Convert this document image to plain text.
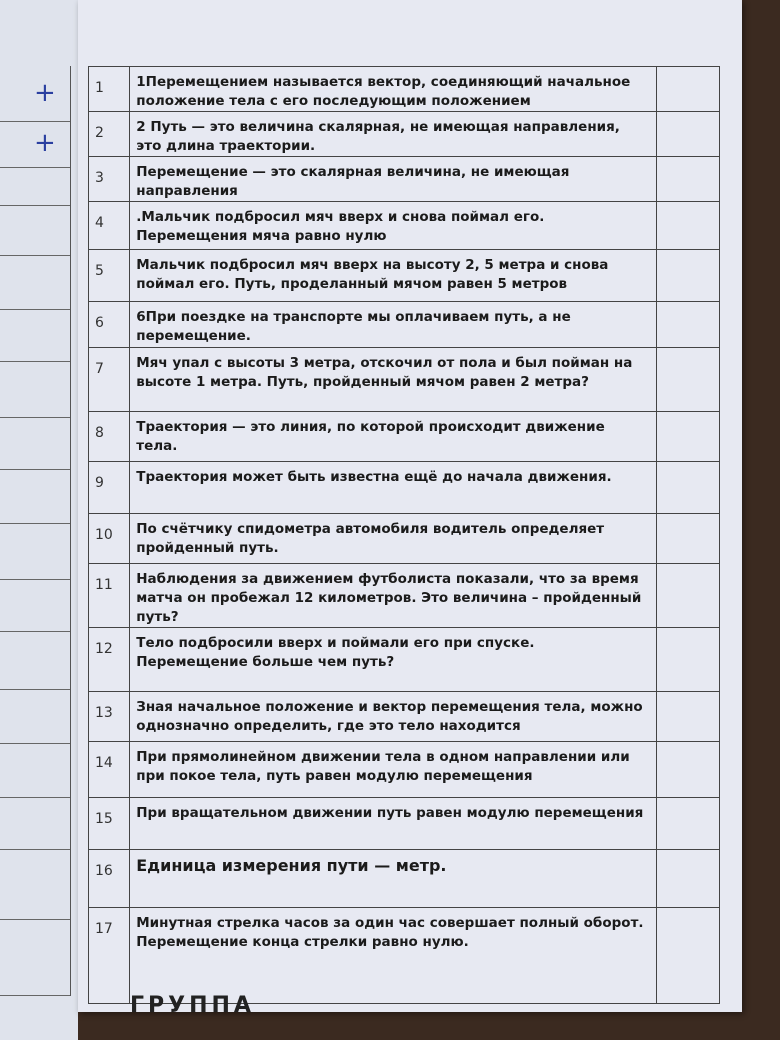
+
+
1	1Перемещением называется вектор, соединяющий начальное положение тела с его последующим положением	
2	2 Путь — это величина скалярная, не имеющая направления, это длина траектории.	
3	Перемещение — это скалярная величина, не имеющая направления	
4	.Мальчик подбросил мяч вверх и снова поймал его. Перемещения мяча равно нулю	
5	Мальчик подбросил мяч вверх на высоту 2, 5 метра и снова поймал его. Путь, проделанный мячом равен 5 метров	
6	6При поездке на транспорте мы оплачиваем путь, а не перемещение.	
7	Мяч упал с высоты 3 метра, отскочил от пола и был пойман на высоте 1 метра. Путь, пройденный мячом равен 2 метра?	
8	Траектория — это линия, по которой происходит движение тела.	
9	Траектория может быть известна ещё до начала движения.	
10	По счётчику спидометра автомобиля водитель определяет пройденный путь.	
11	Наблюдения за движением футболиста показали, что за время матча он пробежал 12 километров. Это величина – пройденный путь?	
12	Тело подбросили вверх и поймали его при спуске. Перемещение больше чем путь?	
13	Зная начальное положение и вектор перемещения тела, можно однозначно определить, где это тело находится	
14	При прямолинейном движении тела в одном направлении или при покое тела, путь равен модулю перемещения	
15	При вращательном движении путь равен модулю перемещения	
16	Единица измерения пути — метр.	
17	Минутная стрелка часов за один час совершает полный оборот. Перемещение конца стрелки равно нулю.	
ГРУППА
